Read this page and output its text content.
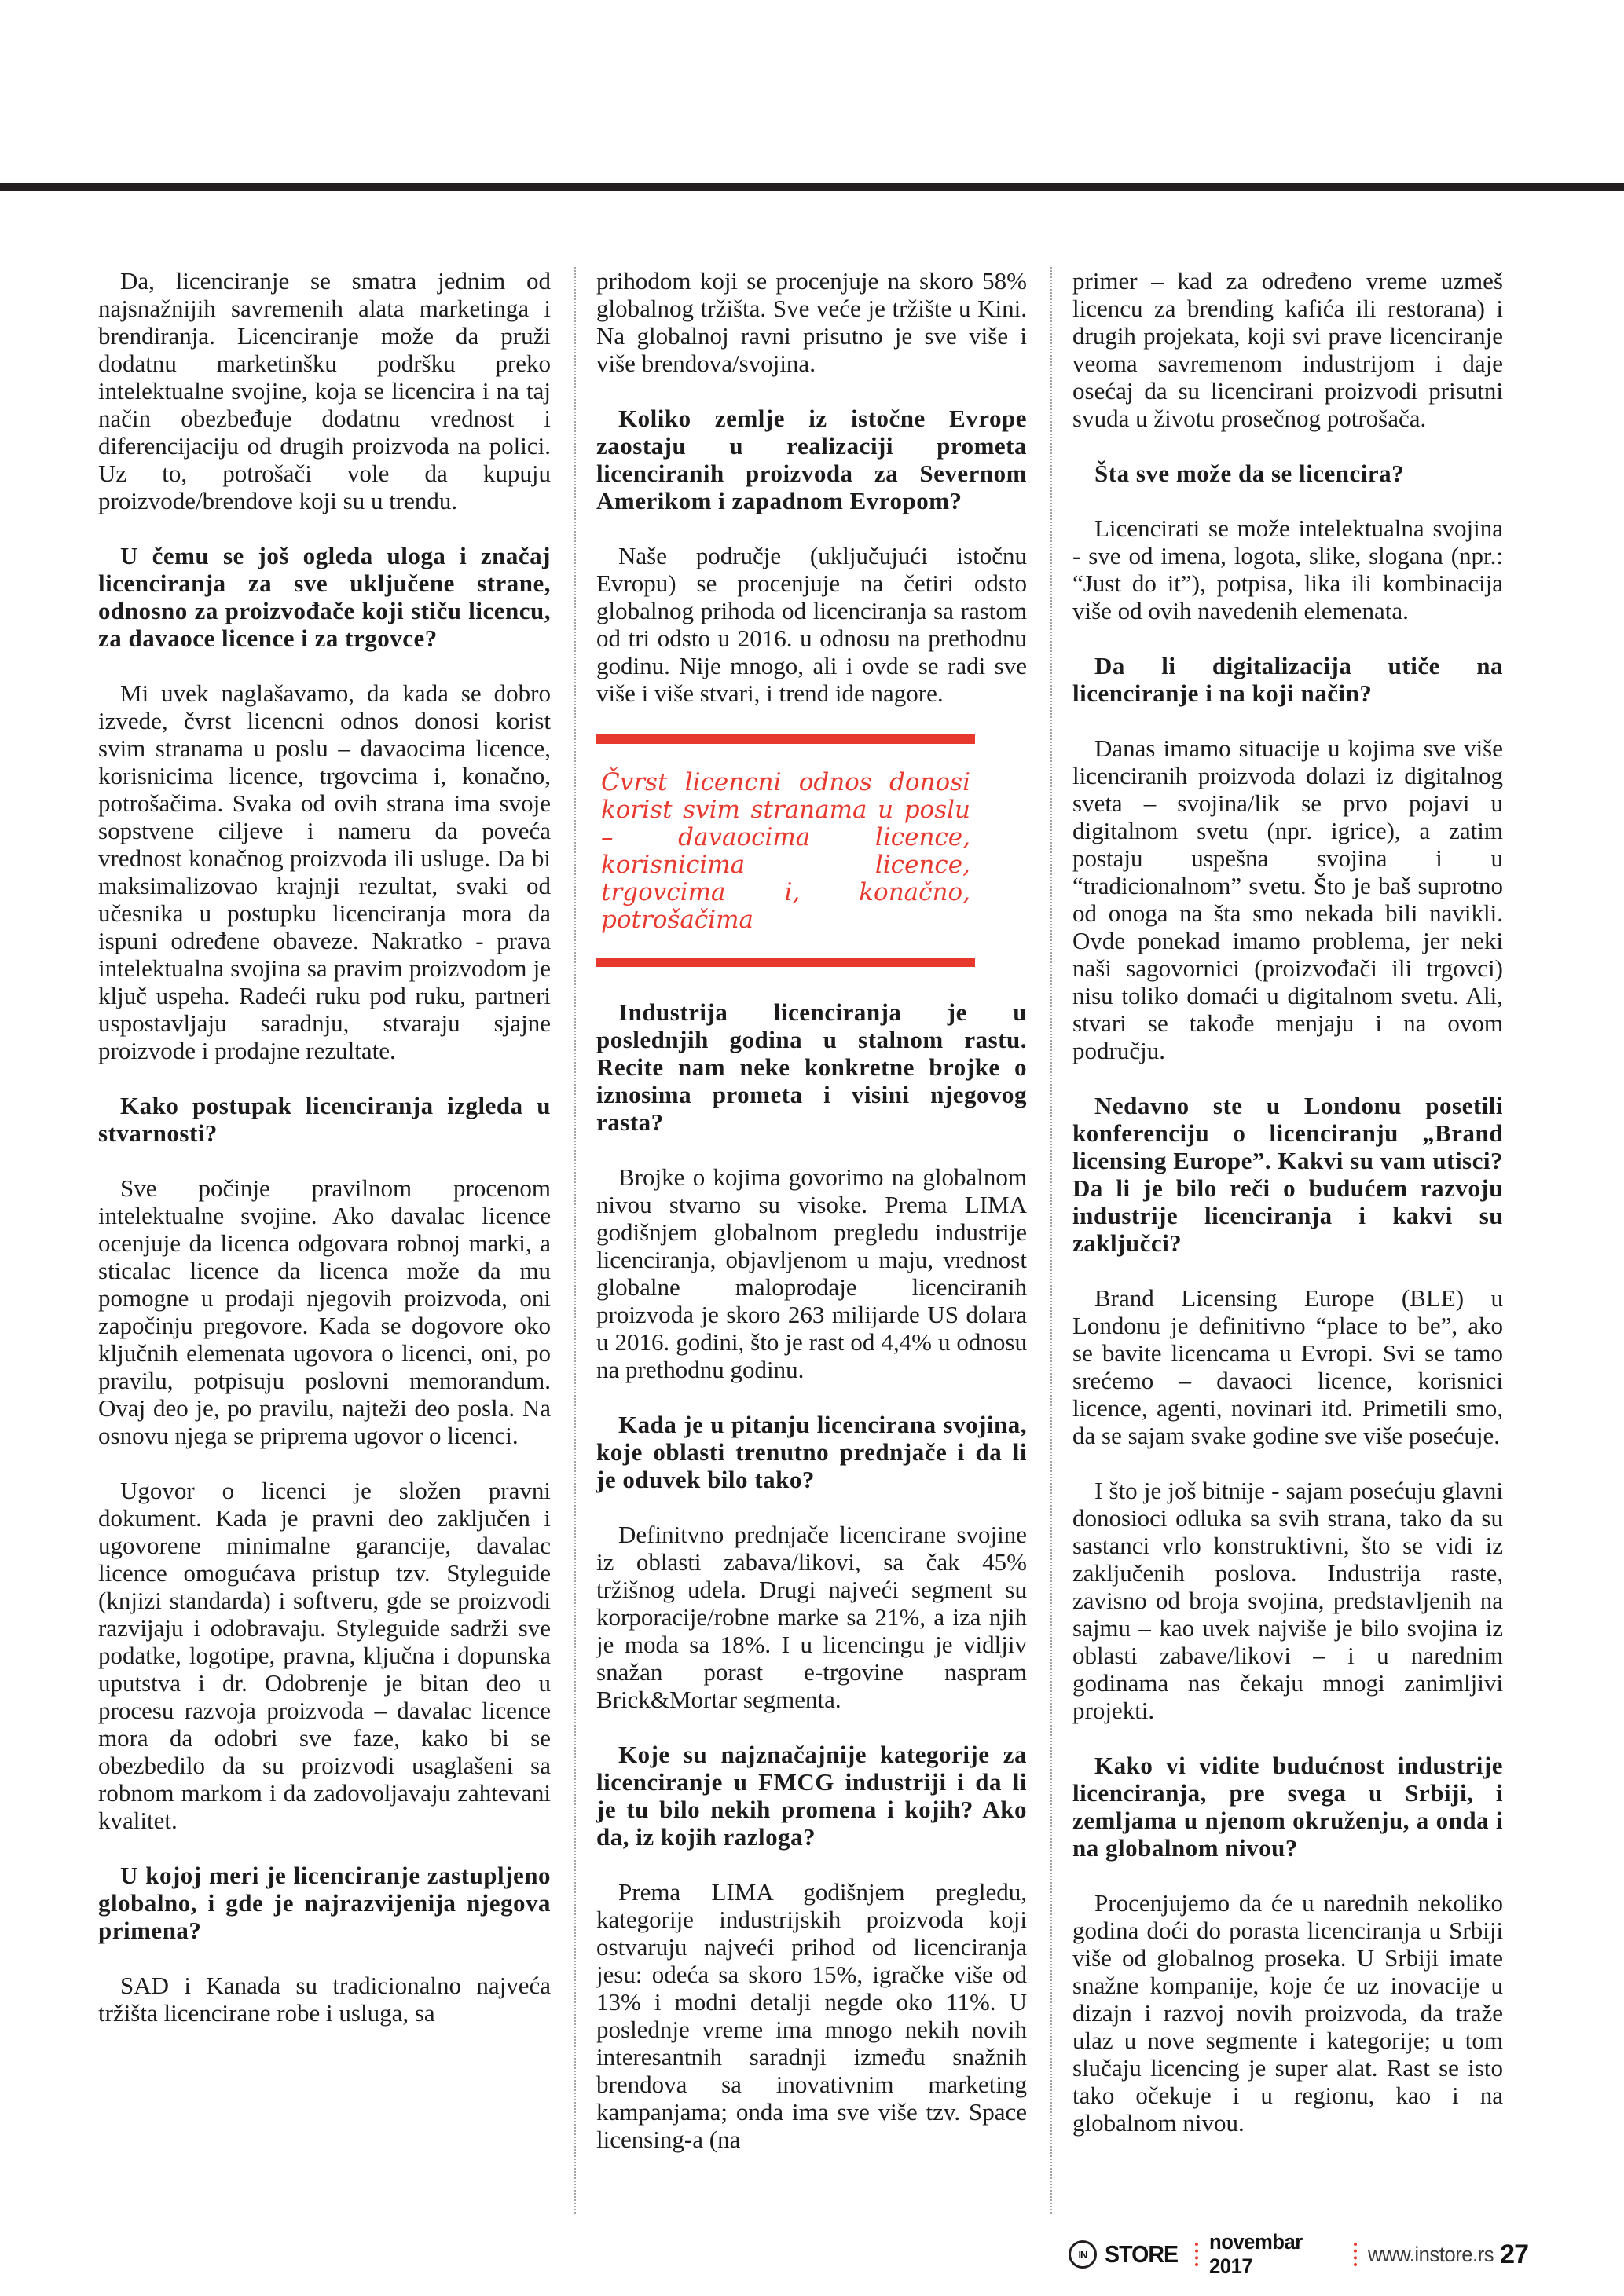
Da, licenciranje se smatra jednim od najsnažnijih savremenih alata marketinga i brendiranja. Licenciranje može da pruži dodatnu marketinšku podršku preko intelektualne svojine, koja se licencira i na taj način obezbeđuje dodatnu vrednost i diferencijaciju od drugih proizvoda na polici. Uz to, potrošači vole da kupuju proizvode/brendove koji su u trendu.

U čemu se još ogleda uloga i značaj licenciranja za sve uključene strane, odnosno za proizvođače koji stiču licencu, za davaoce licence i za trgovce?

Mi uvek naglašavamo, da kada se dobro izvede, čvrst licencni odnos donosi korist svim stranama u poslu – davaocima licence, korisnicima licence, trgovcima i, konačno, potrošačima. Svaka od ovih strana ima svoje sopstvene ciljeve i nameru da poveća vrednost konačnog proizvoda ili usluge. Da bi maksimalizovao krajnji rezultat, svaki od učesnika u postupku licenciranja mora da ispuni određene obaveze. Nakratko - prava intelektualna svojina sa pravim proizvodom je ključ uspeha. Radeći ruku pod ruku, partneri uspostavljaju saradnju, stvaraju sjajne proizvode i prodajne rezultate.

Kako postupak licenciranja izgleda u stvarnosti?

Sve počinje pravilnom procenom intelektualne svojine. Ako davalac licence ocenjuje da licenca odgovara robnoj marki, a sticalac licence da licenca može da mu pomogne u prodaji njegovih proizvoda, oni započinju pregovore. Kada se dogovore oko ključnih elemenata ugovora o licenci, oni, po pravilu, potpisuju poslovni memorandum. Ovaj deo je, po pravilu, najteži deo posla. Na osnovu njega se priprema ugovor o licenci.

Ugovor o licenci je složen pravni dokument. Kada je pravni deo zaključen i ugovorene minimalne garancije, davalac licence omogućava pristup tzv. Styleguide (knjizi standarda) i softveru, gde se proizvodi razvijaju i odobravaju. Styleguide sadrži sve podatke, logotipe, pravna, ključna i dopunska uputstva i dr. Odobrenje je bitan deo u procesu razvoja proizvoda – davalac licence mora da odobri sve faze, kako bi se obezbedilo da su proizvodi usaglašeni sa robnom markom i da zadovoljavaju zahtevani kvalitet.

U kojoj meri je licenciranje zastupljeno globalno, i gde je najrazvijenija njegova primena?

SAD i Kanada su tradicionalno najveća tržišta licencirane robe i usluga, sa

prihodom koji se procenjuje na skoro 58% globalnog tržišta. Sve veće je tržište u Kini. Na globalnoj ravni prisutno je sve više i više brendova/svojina.

Koliko zemlje iz istočne Evrope zaostaju u realizaciji prometa licenciranih proizvoda za Severnom Amerikom i zapadnom Evropom?

Naše područje (uključujući istočnu Evropu) se procenjuje na četiri odsto globalnog prihoda od licenciranja sa rastom od tri odsto u 2016. u odnosu na prethodnu godinu. Nije mnogo, ali i ovde se radi sve više i više stvari, i trend ide nagore.

Čvrst licencni odnos donosi korist svim stranama u poslu – davaocima licence, korisnicima licence, trgovcima i, konačno, potrošačima

Industrija licenciranja je u poslednjih godina u stalnom rastu. Recite nam neke konkretne brojke o iznosima prometa i visini njegovog rasta?

Brojke o kojima govorimo na globalnom nivou stvarno su visoke. Prema LIMA godišnjem globalnom pregledu industrije licenciranja, objavljenom u maju, vrednost globalne maloprodaje licenciranih proizvoda je skoro 263 milijarde US dolara u 2016. godini, što je rast od 4,4% u odnosu na prethodnu godinu.

Kada je u pitanju licencirana svojina, koje oblasti trenutno prednjače i da li je oduvek bilo tako?

Definitvno prednjače licencirane svojine iz oblasti zabava/likovi, sa čak 45% tržišnog udela. Drugi najveći segment su korporacije/robne marke sa 21%, a iza njih je moda sa 18%. I u licencingu je vidljiv snažan porast e-trgovine naspram Brick&Mortar segmenta.

Koje su najznačajnije kategorije za licenciranje u FMCG industriji i da li je tu bilo nekih promena i kojih? Ako da, iz kojih razloga?

Prema LIMA godišnjem pregledu, kategorije industrijskih proizvoda koji ostvaruju najveći prihod od licenciranja jesu: odeća sa skoro 15%, igračke više od 13% i modni detalji negde oko 11%. U poslednje vreme ima mnogo nekih novih interesantnih saradnji između snažnih brendova sa inovativnim marketing kampanjama; onda ima sve više tzv. Space licensing-a (na

primer – kad za određeno vreme uzmeš licencu za brending kafića ili restorana) i drugih projekata, koji svi prave licenciranje veoma savremenom industrijom i daje osećaj da su licencirani proizvodi prisutni svuda u životu prosečnog potrošača.

Šta sve može da se licencira?

Licencirati se može intelektualna svojina - sve od imena, logota, slike, slogana (npr.: “Just do it”), potpisa, lika ili kombinacija više od ovih navedenih elemenata.

Da li digitalizacija utiče na licenciranje i na koji način?

Danas imamo situacije u kojima sve više licenciranih proizvoda dolazi iz digitalnog sveta – svojina/lik se prvo pojavi u digitalnom svetu (npr. igrice), a zatim postaju uspešna svojina i u “tradicionalnom” svetu. Što je baš suprotno od onoga na šta smo nekada bili navikli. Ovde ponekad imamo problema, jer neki naši sagovornici (proizvođači ili trgovci) nisu toliko domaći u digitalnom svetu. Ali, stvari se takođe menjaju i na ovom području.

Nedavno ste u Londonu posetili konferenciju o licenciranju „Brand licensing Europe”. Kakvi su vam utisci? Da li je bilo reči o budućem razvoju industrije licenciranja i kakvi su zaključci?

Brand Licensing Europe (BLE) u Londonu je definitivno “place to be”, ako se bavite licencama u Evropi. Svi se tamo srećemo – davaoci licence, korisnici licence, agenti, novinari itd. Primetili smo, da se sajam svake godine sve više posećuje.

I što je još bitnije - sajam posećuju glavni donosioci odluka sa svih strana, tako da su sastanci vrlo konstruktivni, što se vidi iz zaključenih poslova. Industrija raste, zavisno od broja svojina, predstavljenih na sajmu – kao uvek najviše je bilo svojina iz oblasti zabave/likovi – i u narednim godinama nas čekaju mnogi zanimljivi projekti.

Kako vi vidite budućnost industrije licenciranja, pre svega u Srbiji, i zemljama u njenom okruženju, a onda i na globalnom nivou?

Procenjujemo da će u narednih nekoliko godina doći do porasta licenciranja u Srbiji više od globalnog proseka. U Srbiji imate snažne kompanije, koje će uz inovacije u dizajn i razvoj novih proizvoda, da traže ulaz u nove segmente i kategorije; u tom slučaju licencing je super alat. Rast se isto tako očekuje i u regionu, kao i na globalnom nivou.

IN STORE novembar 2017
www.instore.rs 27
